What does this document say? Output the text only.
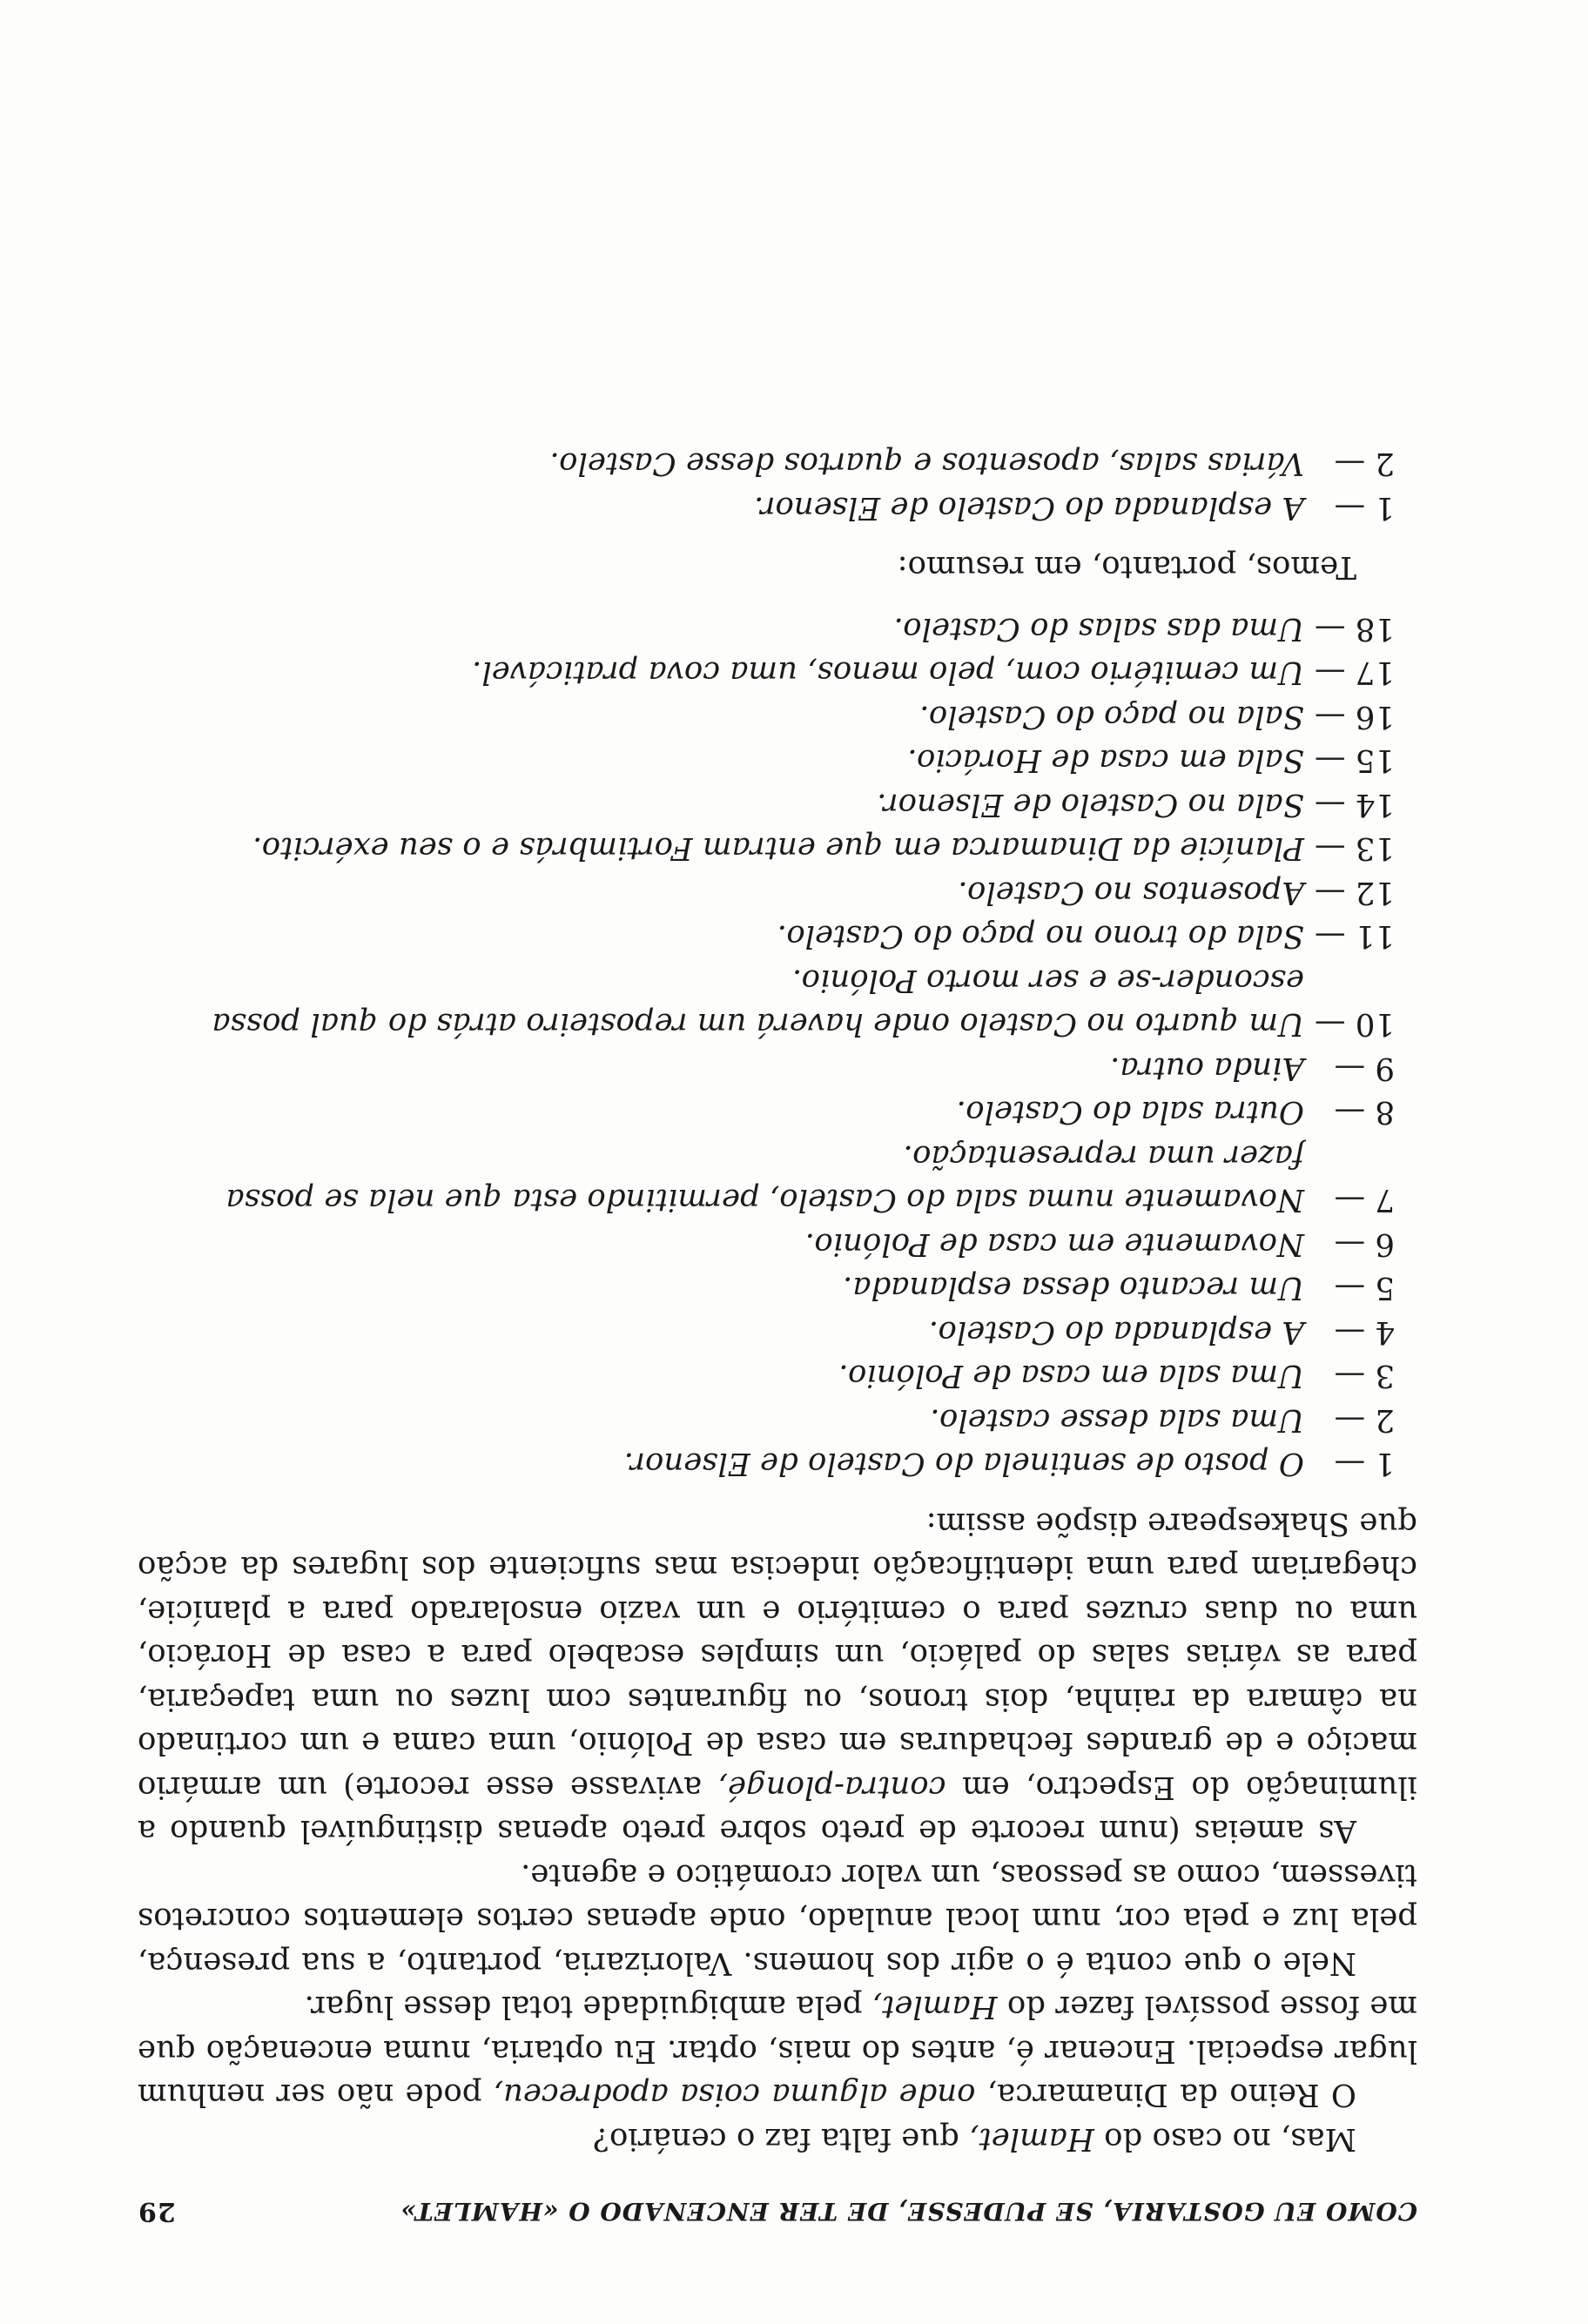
COMO EU GOSTARIA, SE PUDESSE, DE TER ENCENADO O «HAMLET»
29

Mas, no caso do Hamlet, que falta faz o cenário?

O Reino da Dinamarca, onde alguma coisa apodreceu, pode não ser nenhum lugar especial. Encenar é, antes do mais, optar. Eu optaria, numa encenação que me fosse possível fazer do Hamlet, pela ambiguidade total desse lugar.

Nele o que conta é o agir dos homens. Valorizaria, portanto, a sua presença, pela luz e pela cor, num local anulado, onde apenas certos elementos concretos tivessem, como as pessoas, um valor cromático e agente.

As ameias (num recorte de preto sobre preto apenas distinguível quando a iluminação do Espectro, em contra-plongé, avivasse esse recorte) um armário maciço e de grandes fechaduras em casa de Polónio, uma cama e um cortinado na câmara da rainha, dois tronos, ou figurantes com luzes ou uma tapeçaria, para as várias salas do palácio, um simples escabelo para a casa de Horácio, uma ou duas cruzes para o cemitério e um vazio ensolarado para a planície, chegariam para uma identificação indecisa mas suficiente dos lugares da acção que Shakespeare dispõe assim:

1 —
O posto de sentinela do Castelo de Elsenor.
2 —
Uma sala desse castelo.
3 —
Uma sala em casa de Polónio.
4 —
A esplanada do Castelo.
5 —
Um recanto dessa esplanada.
6 —
Novamente em casa de Polónio.
7 —
Novamente numa sala do Castelo, permitindo esta que nela se possa fazer uma representação.
8 —
Outra sala do Castelo.
9 —
Ainda outra.
10 —
Um quarto no Castelo onde haverá um reposteiro atrás do qual possa esconder-se e ser morto Polónio.
11 —
Sala do trono no paço do Castelo.
12 —
Aposentos no Castelo.
13 —
Planície da Dinamarca em que entram Fortimbrás e o seu exército.
14 —
Sala no Castelo de Elsenor.
15 —
Sala em casa de Horácio.
16 —
Sala no paço do Castelo.
17 —
Um cemitério com, pelo menos, uma cova praticável.
18 —
Uma das salas do Castelo.

Temos, portanto, em resumo:

1 —
A esplanada do Castelo de Elsenor.
2 —
Várias salas, aposentos e quartos desse Castelo.
